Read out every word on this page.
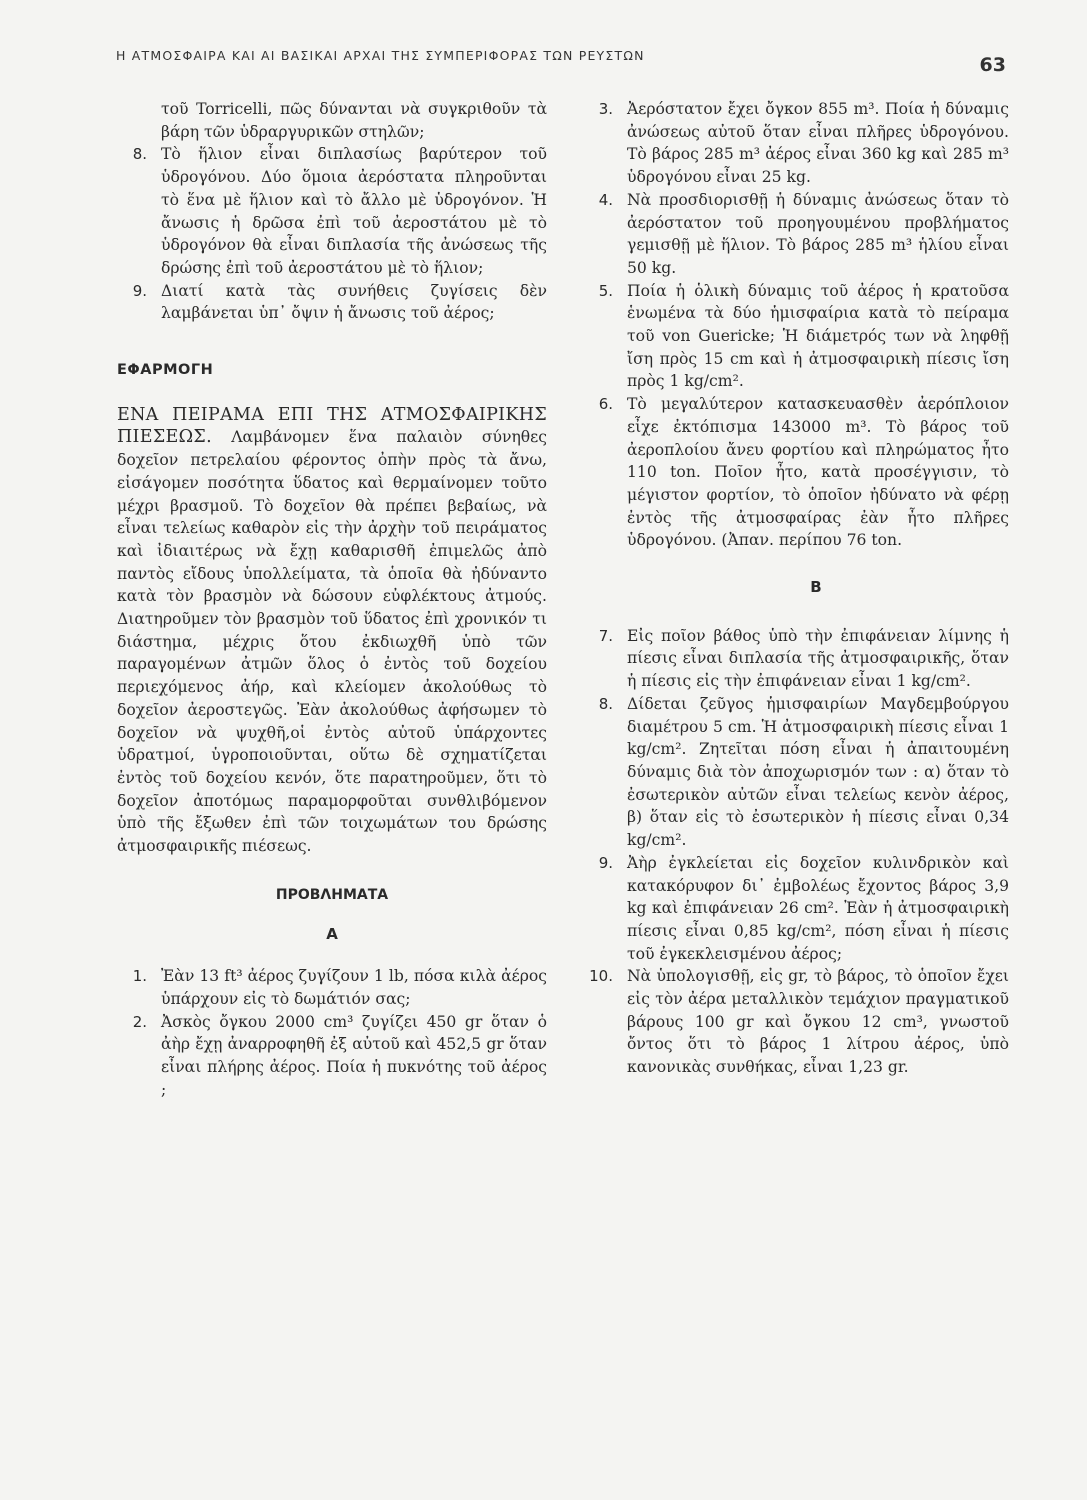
Η ΑΤΜΟΣΦΑΙΡΑ ΚΑΙ ΑΙ ΒΑΣΙΚΑΙ ΑΡΧΑΙ ΤΗΣ ΣΥΜΠΕΡΙΦΟΡΑΣ ΤΩΝ ΡΕΥΣΤΩΝ	63

τοῦ Torricelli, πῶς δύνανται νὰ συγκριθοῦν τὰ βάρη τῶν ὑδραργυρικῶν στηλῶν;

8. Τὸ ἥλιον εἶναι διπλασίως βαρύτερον τοῦ ὑδρογόνου. Δύο ὅμοια ἀερόστατα πληροῦνται τὸ ἕνα μὲ ἥλιον καὶ τὸ ἄλλο μὲ ὑδρογόνον. Ἡ ἄνωσις ἡ δρῶσα ἐπὶ τοῦ ἀεροστάτου μὲ τὸ ὑδρογόνον θὰ εἶναι διπλασία τῆς ἀνώσεως τῆς δρώσης ἐπὶ τοῦ ἀεροστάτου μὲ τὸ ἥλιον;
9. Διατί κατὰ τὰς συνήθεις ζυγίσεις δὲν λαμβάνεται ὑπ᾿ ὄψιν ἡ ἄνωσις τοῦ ἀέρος;
ΕΦΑΡΜΟΓΗ

ΕΝΑ ΠΕΙΡΑΜΑ ΕΠΙ ΤΗΣ ΑΤΜΟΣΦΑΙΡΙΚΗΣ ΠΙΕΣΕΩΣ. Λαμβάνομεν ἕνα παλαιὸν σύνηθες δοχεῖον πετρελαίου φέροντος ὀπὴν πρὸς τὰ ἄνω, εἰσάγομεν ποσότητα ὕδατος καὶ θερμαίνομεν τοῦτο μέχρι βρασμοῦ. Τὸ δοχεῖον θὰ πρέπει βεβαίως, νὰ εἶναι τελείως καθαρὸν εἰς τὴν ἀρχὴν τοῦ πειράματος καὶ ἰδιαιτέρως νὰ ἔχῃ καθαρισθῆ ἐπιμελῶς ἀπὸ παντὸς εἴδους ὑπολλείματα, τὰ ὁποῖα θὰ ἠδύναντο κατὰ τὸν βρασμὸν νὰ δώσουν εὐφλέκτους ἀτμούς. Διατηροῦμεν τὸν βρασμὸν τοῦ ὕδατος ἐπὶ χρονικόν τι διάστημα, μέχρις ὅτου ἐκδιωχθῆ ὑπὸ τῶν παραγομένων ἀτμῶν ὅλος ὁ ἐντὸς τοῦ δοχείου περιεχόμενος ἀήρ, καὶ κλείομεν ἀκολούθως τὸ δοχεῖον ἀεροστεγῶς. Ἐὰν ἀκολούθως ἀφήσωμεν τὸ δοχεῖον νὰ ψυχθῆ,οἱ ἐντὸς αὐτοῦ ὑπάρχοντες ὑδρατμοί, ὑγροποιοῦνται, οὕτω δὲ σχηματίζεται ἐντὸς τοῦ δοχείου κενόν, ὅτε παρατηροῦμεν, ὅτι τὸ δοχεῖον ἀποτόμως παραμορφοῦται συνθλιβόμενον ὑπὸ τῆς ἔξωθεν ἐπὶ τῶν τοιχωμάτων του δρώσης ἀτμοσφαιρικῆς πιέσεως.

ΠΡΟΒΛΗΜΑΤΑ
Α
1. Ἐὰν 13 ft³ ἀέρος ζυγίζουν 1 lb, πόσα κιλὰ ἀέρος ὑπάρχουν εἰς τὸ δωμάτιόν σας;
2. Ἀσκὸς ὄγκου 2000 cm³ ζυγίζει 450 gr ὅταν ὁ ἀὴρ ἔχῃ ἀναρροφηθῆ ἐξ αὐτοῦ καὶ 452,5 gr ὅταν εἶναι πλήρης ἀέρος. Ποία ἡ πυκνότης τοῦ ἀέρος ;
3. Ἀερόστατον ἔχει ὄγκον 855 m³. Ποία ἡ δύναμις ἀνώσεως αὐτοῦ ὅταν εἶναι πλῆρες ὑδρογόνου. Τὸ βάρος 285 m³ ἀέρος εἶναι 360 kg καὶ 285 m³ ὑδρογόνου εἶναι 25 kg.
4. Νὰ προσδιορισθῇ ἡ δύναμις ἀνώσεως ὅταν τὸ ἀερόστατον τοῦ προηγουμένου προβλήματος γεμισθῇ μὲ ἥλιον. Τὸ βάρος 285 m³ ἡλίου εἶναι 50 kg.
5. Ποία ἡ ὁλικὴ δύναμις τοῦ ἀέρος ἡ κρατοῦσα ἑνωμένα τὰ δύο ἡμισφαίρια κατὰ τὸ πείραμα τοῦ von Guericke; Ἡ διάμετρός των νὰ ληφθῇ ἴση πρὸς 15 cm καὶ ἡ ἀτμοσφαιρικὴ πίεσις ἴση πρὸς 1 kg/cm².
6. Τὸ μεγαλύτερον κατασκευασθὲν ἀερόπλοιον εἶχε ἐκτόπισμα 143000 m³. Τὸ βάρος τοῦ ἀεροπλοίου ἄνευ φορτίου καὶ πληρώματος ἦτο 110 ton. Ποῖον ἦτο, κατὰ προσέγγισιν, τὸ μέγιστον φορτίον, τὸ ὁποῖον ἠδύνατο νὰ φέρῃ ἐντὸς τῆς ἀτμοσφαίρας ἐὰν ἦτο πλῆρες ὑδρογόνου. (Ἀπαν. περίπου 76 ton.
Β
7. Εἰς ποῖον βάθος ὑπὸ τὴν ἐπιφάνειαν λίμνης ἡ πίεσις εἶναι διπλασία τῆς ἀτμοσφαιρικῆς, ὅταν ἡ πίεσις εἰς τὴν ἐπιφάνειαν εἶναι 1 kg/cm².
8. Δίδεται ζεῦγος ἡμισφαιρίων Μαγδεμβούργου διαμέτρου 5 cm. Ἡ ἀτμοσφαιρικὴ πίεσις εἶναι 1 kg/cm². Ζητεῖται πόση εἶναι ἡ ἀπαιτουμένη δύναμις διὰ τὸν ἀποχωρισμόν των : α) ὅταν τὸ ἐσωτερικὸν αὐτῶν εἶναι τελείως κενὸν ἀέρος, β) ὅταν εἰς τὸ ἐσωτερικὸν ἡ πίεσις εἶναι 0,34 kg/cm².
9. Ἀὴρ ἐγκλείεται εἰς δοχεῖον κυλινδρικὸν καὶ κατακόρυφον δι᾿ ἐμβολέως ἔχοντος βάρος 3,9 kg καὶ ἐπιφάνειαν 26 cm². Ἐὰν ἡ ἀτμοσφαιρικὴ πίεσις εἶναι 0,85 kg/cm², πόση εἶναι ἡ πίεσις τοῦ ἐγκεκλεισμένου ἀέρος;
10. Νὰ ὑπολογισθῇ, εἰς gr, τὸ βάρος, τὸ ὁποῖον ἔχει εἰς τὸν ἀέρα μεταλλικὸν τεμάχιον πραγματικοῦ βάρους 100 gr καὶ ὄγκου 12 cm³, γνωστοῦ ὄντος ὅτι τὸ βάρος 1 λίτρου ἀέρος, ὑπὸ κανονικὰς συνθήκας, εἶναι 1,23 gr.
